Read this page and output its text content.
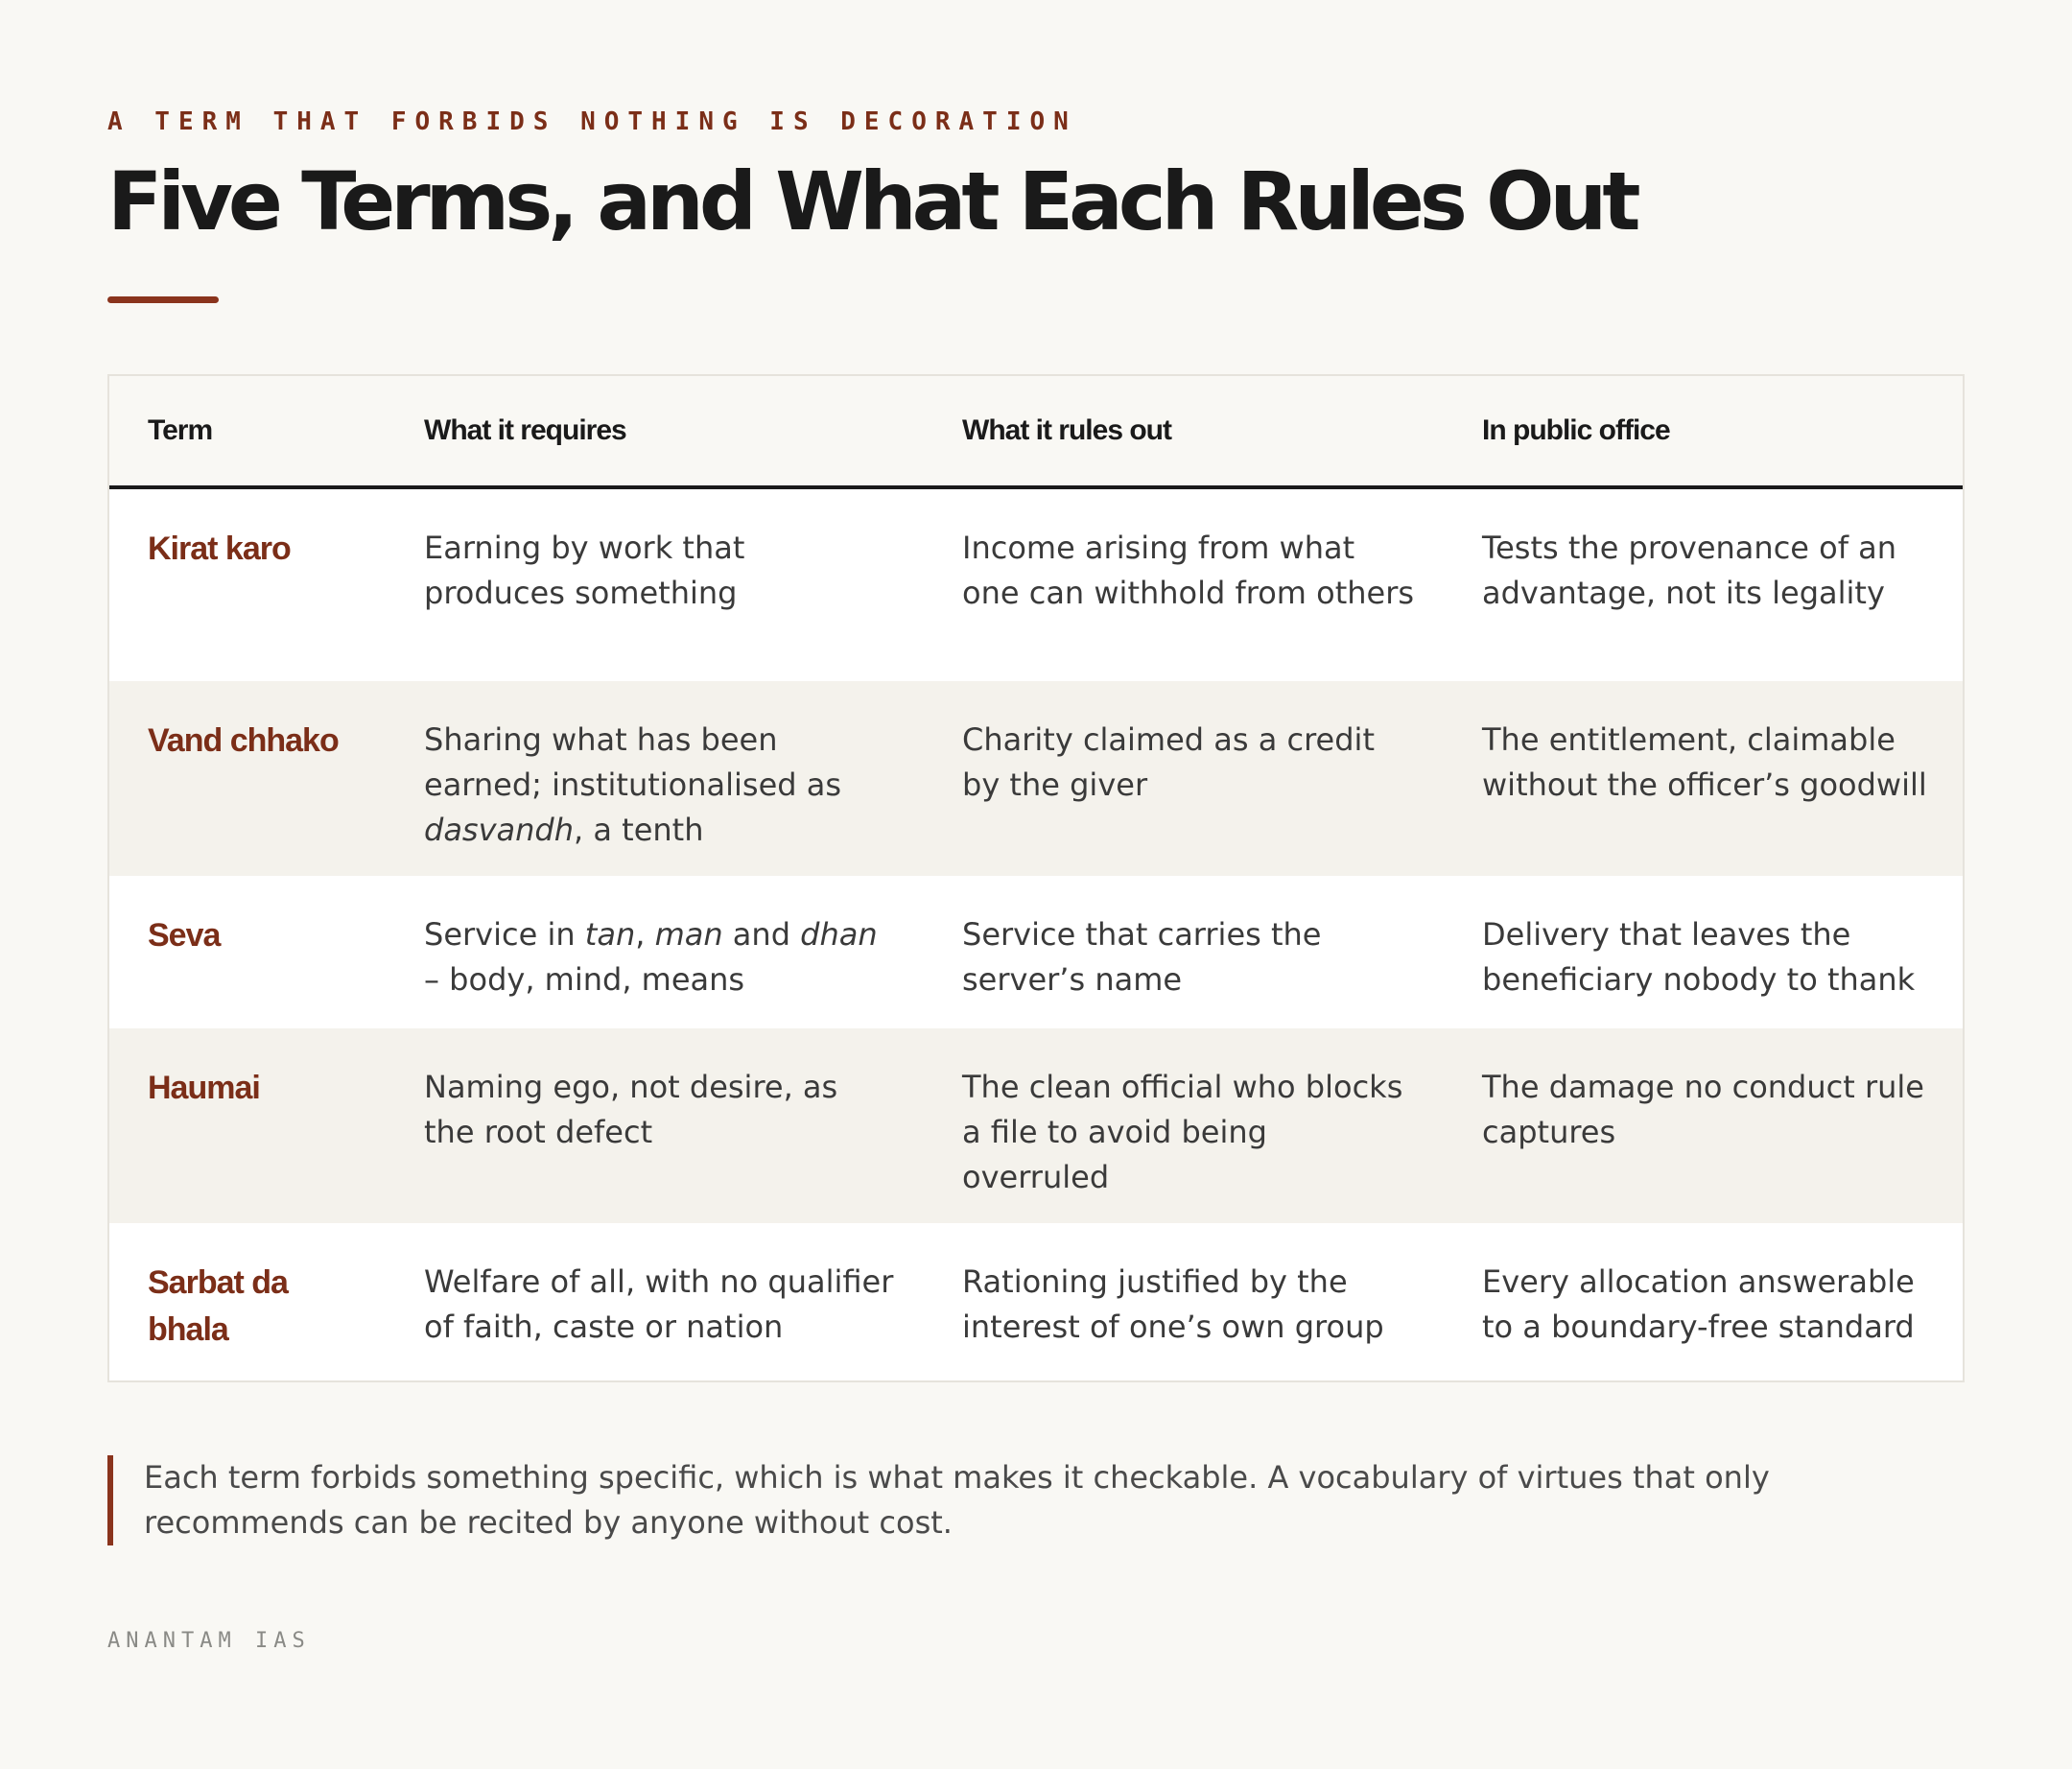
A TERM THAT FORBIDS NOTHING IS DECORATION
Five Terms, and What Each Rules Out
Term	What it requires	What it rules out	In public office
Kirat karo	Earning by work that produces something	Income arising from what one can withhold from others	Tests the provenance of an advantage, not its legality
Vand chhako	Sharing what has been earned; institutionalised as dasvandh, a tenth	Charity claimed as a credit by the giver	The entitlement, claimable without the officer’s goodwill
Seva	Service in tan, man and dhan – body, mind, means	Service that carries the server’s name	Delivery that leaves the beneficiary nobody to thank
Haumai	Naming ego, not desire, as the root defect	The clean official who blocks a file to avoid being overruled	The damage no conduct rule captures
Sarbat da bhala	Welfare of all, with no qualifier of faith, caste or nation	Rationing justified by the interest of one’s own group	Every allocation answerable to a boundary-free standard
Each term forbids something specific, which is what makes it checkable. A vocabulary of virtues that only recommends can be recited by anyone without cost.
ANANTAM IAS
